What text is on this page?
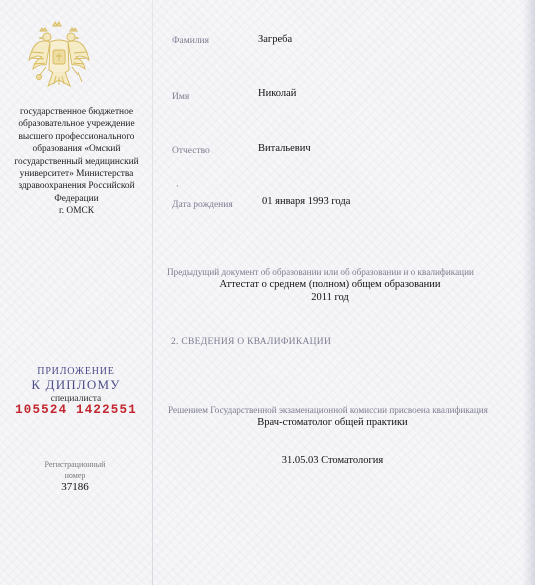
государственное бюджетное
образовательное учреждение
высшего профессионального
образования «Омский
государственный медицинский
университет» Министерства
здравоохранения Российской
Федерации
г. ОМСК
ПРИЛОЖЕНИЕ
К ДИПЛОМУ
специалиста
105524 1422551
Регистрационный
номер
37186
Фамилия	Загреба
Имя	Николай
Отчество	Витальевич
·
Дата рождения	01 января 1993 года
Предыдущий документ об образовании или об образовании и о квалификации
Аттестат о среднем (полном) общем образовании
2011 год
2. СВЕДЕНИЯ О КВАЛИФИКАЦИИ
Решением Государственной экзаменационной комиссии присвоена квалификация
Врач-стоматолог общей практики
31.05.03 Стоматология
